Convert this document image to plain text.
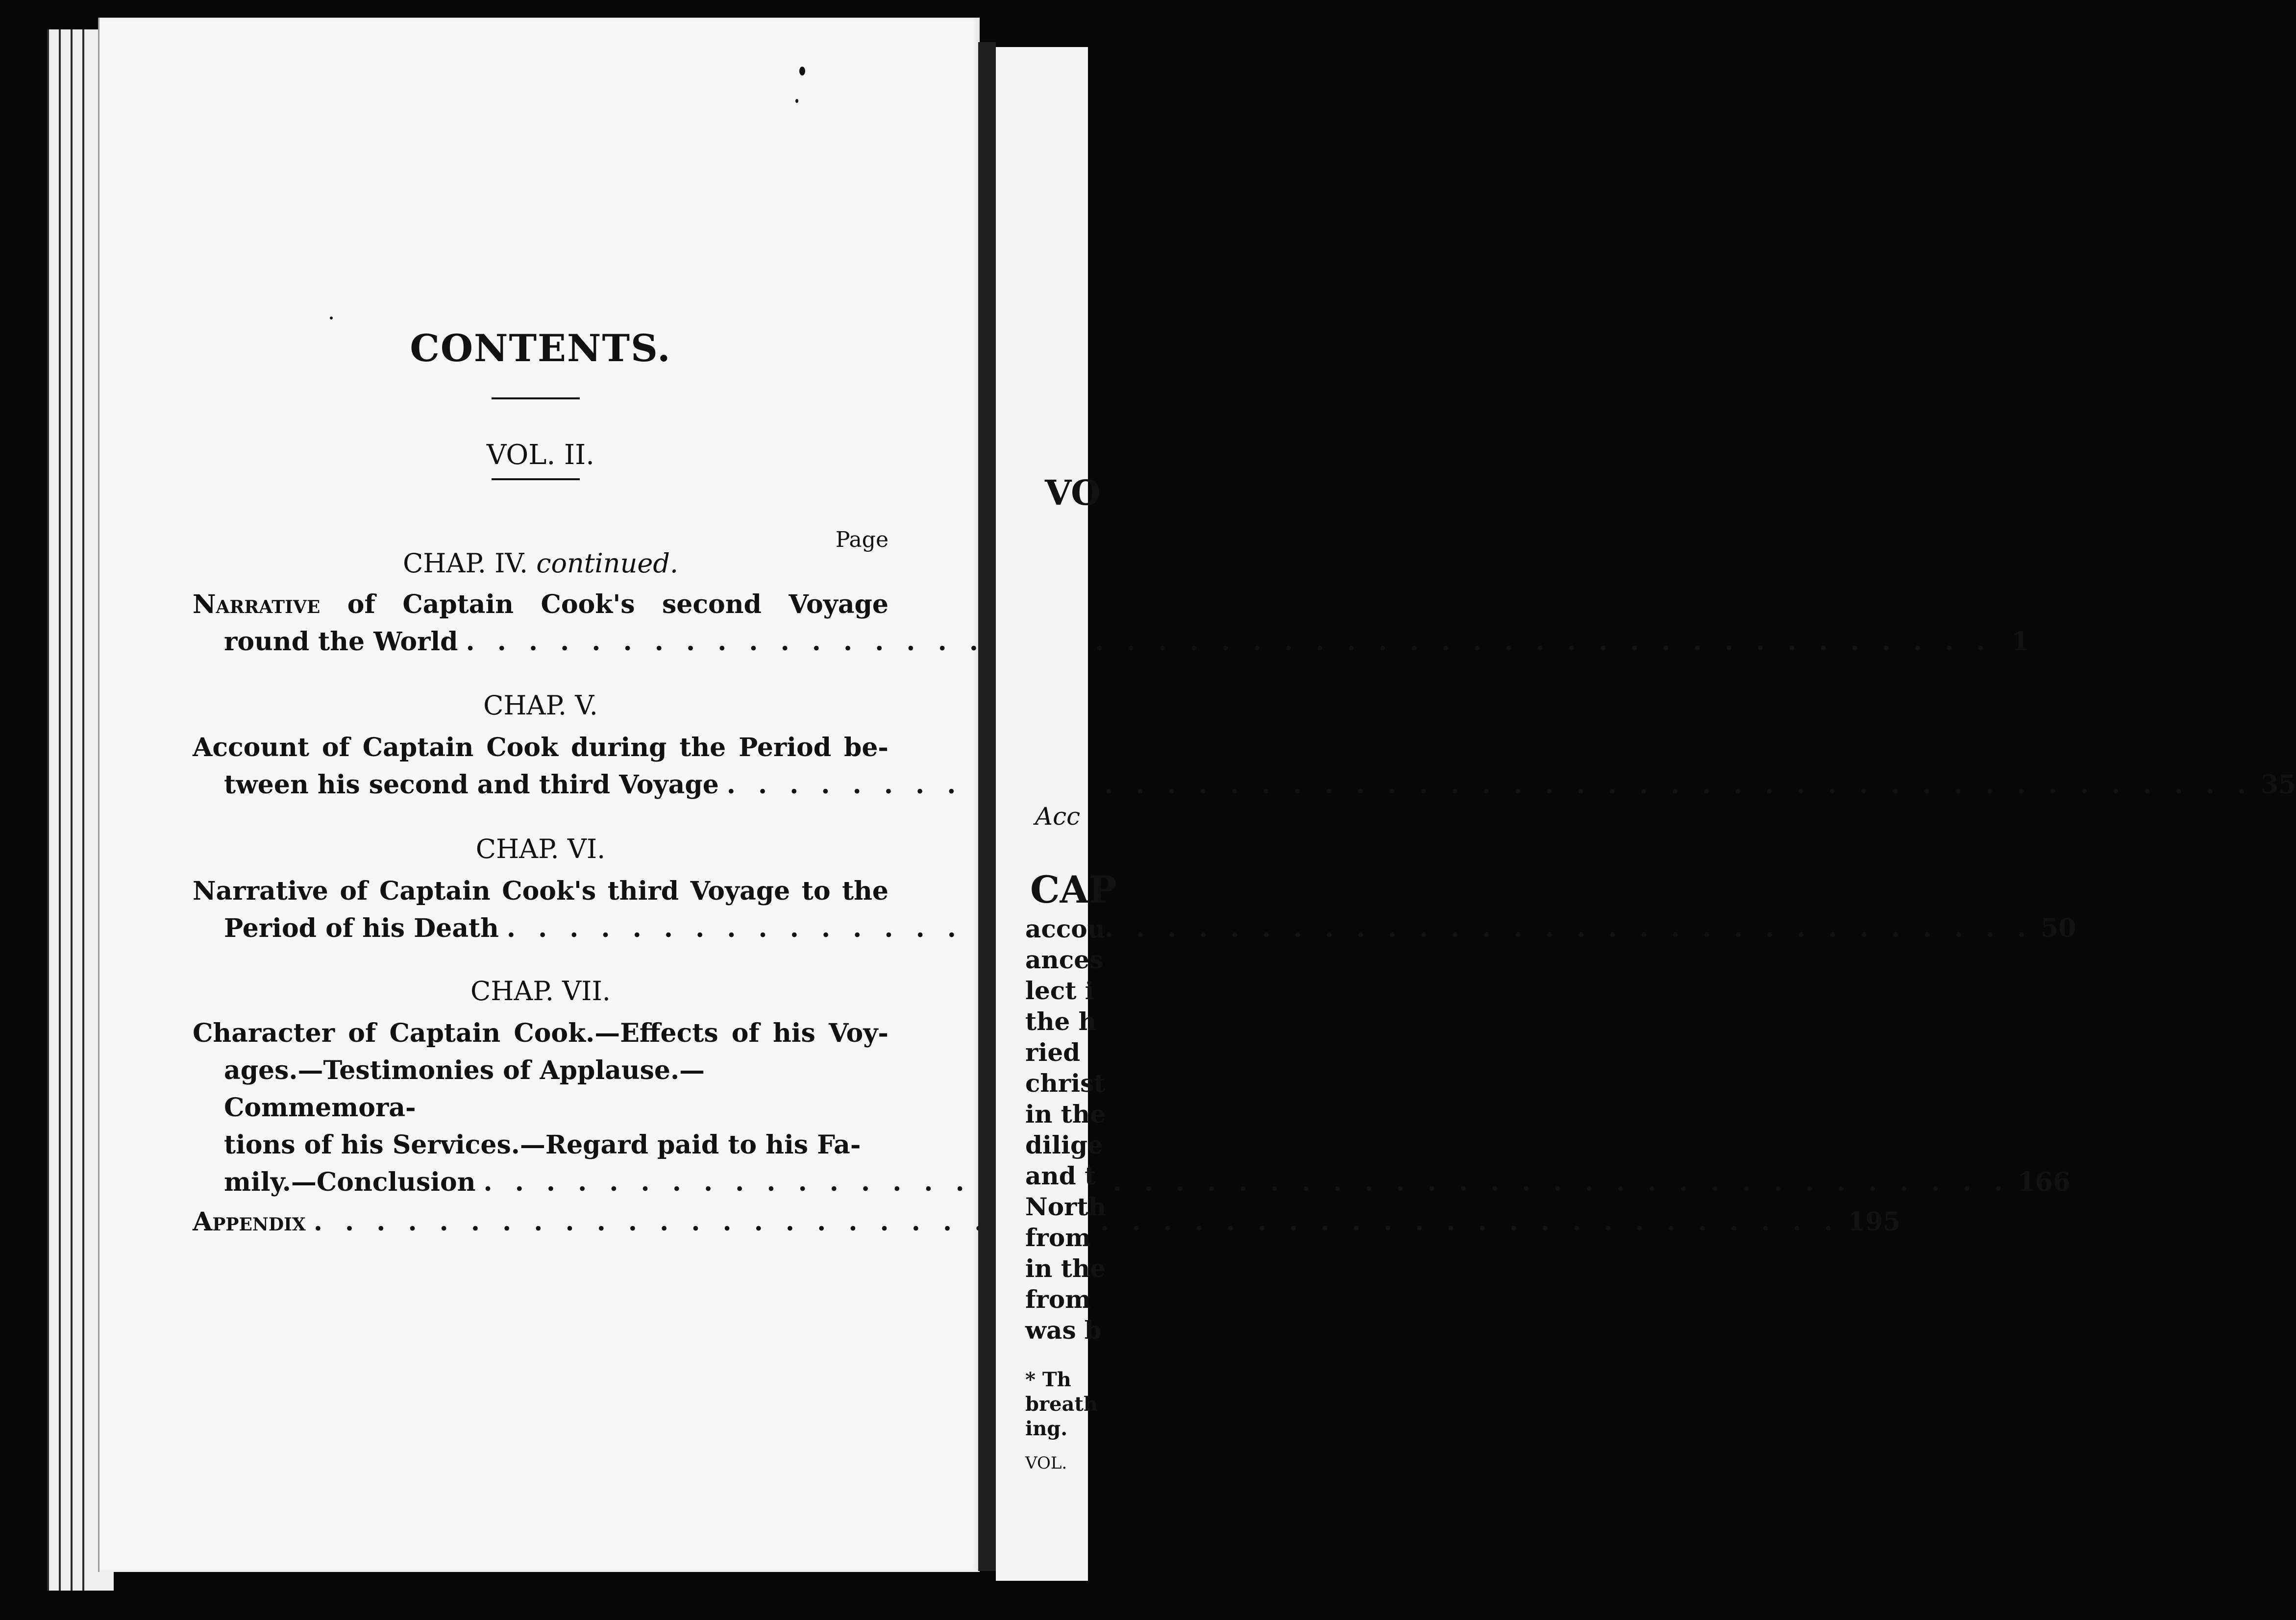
CONTENTS.
VOL. II.
Page
CHAP. IV. continued.
Narrative of Captain Cook's second Voyage
round the World . . .	1
CHAP. V.
Account of Captain Cook during the Period be-
tween his second and third Voyage . . .	35
CHAP. VI.
Narrative of Captain Cook's third Voyage to the
Period of his Death . . .	50
CHAP. VII.
Character of Captain Cook.—Effects of his Voy-
ages.—Testimonies of Applause.—Commemora-
tions of his Services.—Regard paid to his Fa-
mily.—Conclusion . . .	166
Appendix . . .	195
VO
Acc
CAP
accou
ances
lect i
the h
ried
christ
in the
dilige
and t
North
from
in the
from
was b
* Th
breath
ing.
VOL.
